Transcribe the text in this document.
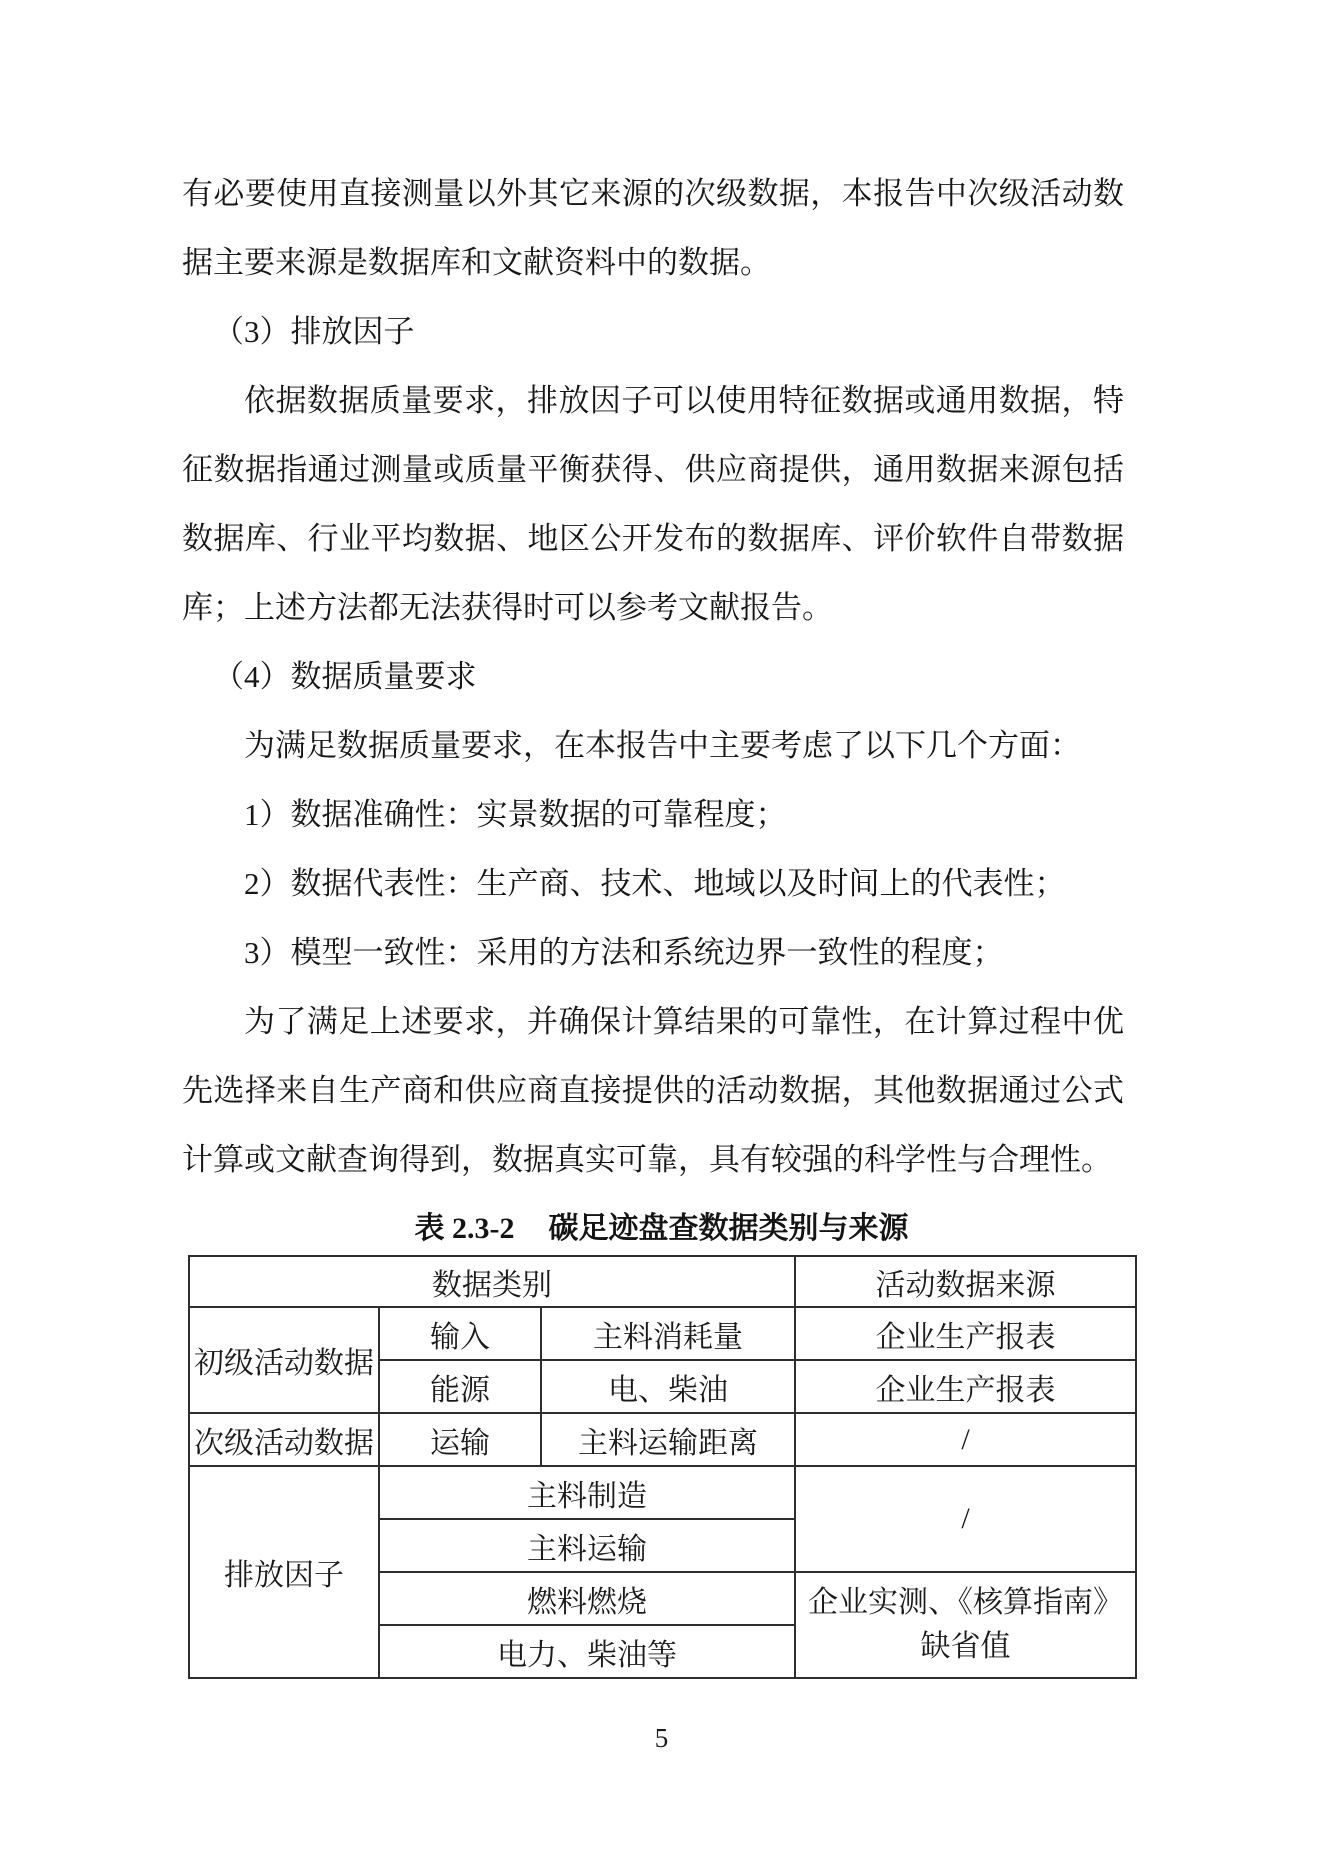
有必要使用直接测量以外其它来源的次级数据，本报告中次级活动数据主要来源是数据库和文献资料中的数据。

（3）排放因子

依据数据质量要求，排放因子可以使用特征数据或通用数据，特征数据指通过测量或质量平衡获得、供应商提供，通用数据来源包括数据库、行业平均数据、地区公开发布的数据库、评价软件自带数据库；上述方法都无法获得时可以参考文献报告。

（4）数据质量要求

为满足数据质量要求，在本报告中主要考虑了以下几个方面：

1）数据准确性：实景数据的可靠程度；

2）数据代表性：生产商、技术、地域以及时间上的代表性；

3）模型一致性：采用的方法和系统边界一致性的程度；

为了满足上述要求，并确保计算结果的可靠性，在计算过程中优先选择来自生产商和供应商直接提供的活动数据，其他数据通过公式计算或文献查询得到，数据真实可靠，具有较强的科学性与合理性。

表 2.3-2 碳足迹盘查数据类别与来源
数据类别			活动数据来源
初级活动数据	输入	主料消耗量	企业生产报表
	能源	电、柴油	企业生产报表
次级活动数据	运输	主料运输距离	/
排放因子	主料制造		/
	主料运输		
	燃料燃烧		企业实测、《核算指南》缺省值
	电力、柴油等		
5
